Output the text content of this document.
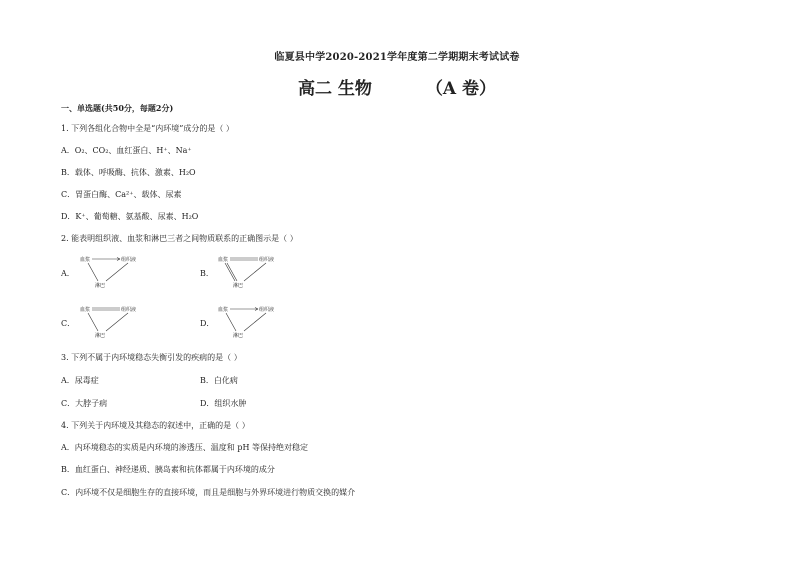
临夏县中学2020-2021学年度第二学期期末考试试卷
高二 生物	（A 卷）
一、单选题(共50分，每题2分)
1. 下列各组化合物中全是“内环境”成分的是（ ）
A．O₂、CO₂、血红蛋白、H⁺、Na⁺
B．载体、呼吸酶、抗体、激素、H₂O
C．胃蛋白酶、Ca²⁺、载体、尿素
D．K⁺、葡萄糖、氨基酸、尿素、H₂O
2. 能表明组织液、血浆和淋巴三者之间物质联系的正确图示是（ ）
A．
血浆	组织液
淋巴
B．
血浆	组织液
淋巴
C．
血浆	组织液
淋巴
D．
血浆	组织液
淋巴
3. 下列不属于内环境稳态失衡引发的疾病的是（ ）
A．尿毒症	B．白化病
C．大脖子病	D．组织水肿
4. 下列关于内环境及其稳态的叙述中，正确的是（ ）
A．内环境稳态的实质是内环境的渗透压、温度和 pH 等保持绝对稳定
B．血红蛋白、神经递质、胰岛素和抗体都属于内环境的成分
C．内环境不仅是细胞生存的直接环境，而且是细胞与外界环境进行物质交换的媒介
